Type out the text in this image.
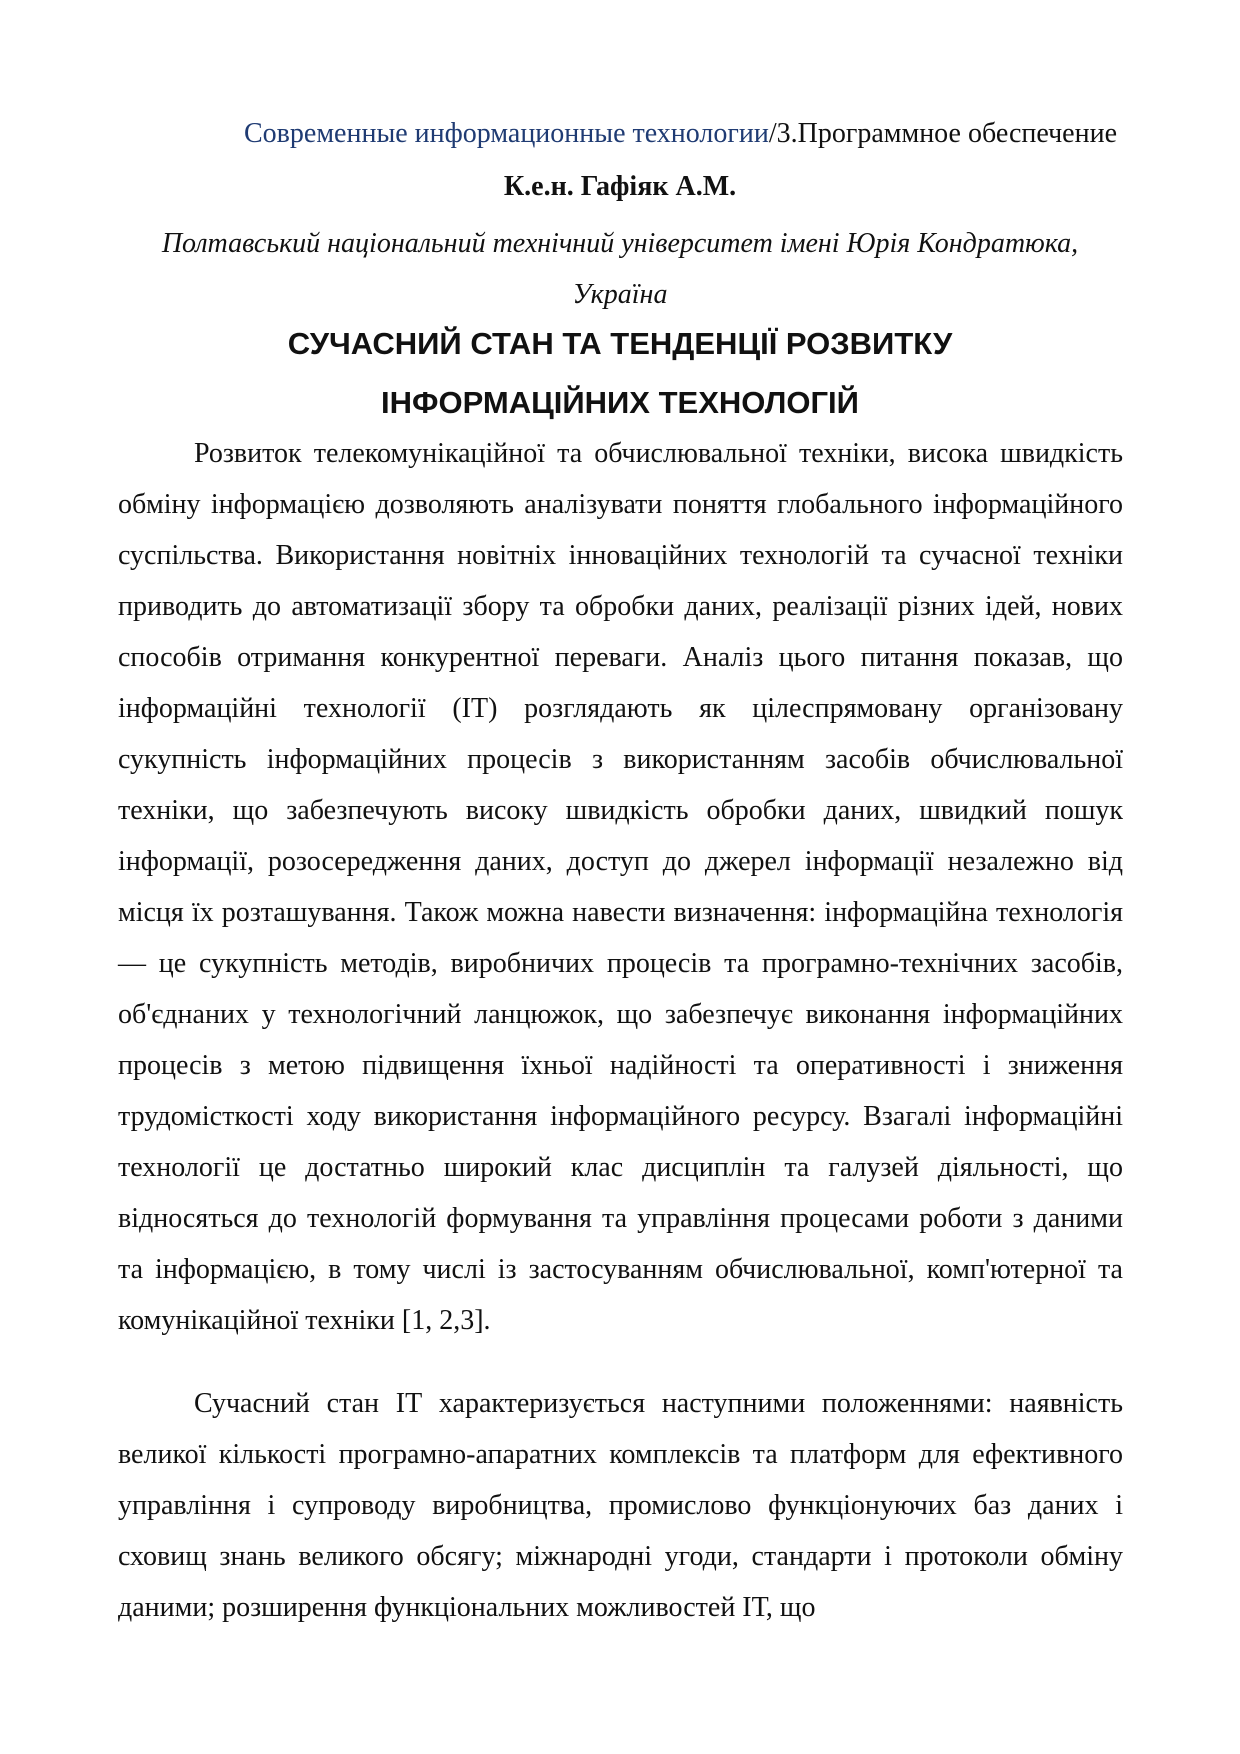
Современные информационные технологии/3.Программное обеспечение
К.е.н. Гафіяк А.М.
Полтавський національний технічний університет імені Юрія Кондратюка, Україна
СУЧАСНИЙ СТАН ТА ТЕНДЕНЦІЇ РОЗВИТКУ
ІНФОРМАЦІЙНИХ ТЕХНОЛОГІЙ

Розвиток телекомунікаційної та обчислювальної техніки, висока швидкість обміну інформацією дозволяють аналізувати поняття глобального інформаційного суспільства. Використання новітніх інноваційних технологій та сучасної техніки приводить до автоматизації збору та обробки даних, реалізації різних ідей, нових способів отримання конкурентної переваги. Аналіз цього питання показав, що інформаційні технології (ІТ) розглядають як цілеспрямовану організовану сукупність інформаційних процесів з використанням засобів обчислювальної техніки, що забезпечують високу швидкість обробки даних, швидкий пошук інформації, розосередження даних, доступ до джерел інформації незалежно від місця їх розташування. Також можна навести визначення: інформаційна технологія — це сукупність методів, виробничих процесів та програмно-технічних засобів, об'єднаних у технологічний ланцюжок, що забезпечує виконання інформаційних процесів з метою підвищення їхньої надійності та оперативності і зниження трудомісткості ходу використання інформаційного ресурсу. Взагалі інформаційні технології це достатньо широкий клас дисциплін та галузей діяльності, що відносяться до технологій формування та управління процесами роботи з даними та інформацією, в тому числі із застосуванням обчислювальної, комп'ютерної та комунікаційної техніки [1, 2,3].

Сучасний стан ІТ характеризується наступними положеннями: наявність великої кількості програмно-апаратних комплексів та платформ для ефективного управління і супроводу виробництва, промислово функціонуючих баз даних і сховищ знань великого обсягу; міжнародні угоди, стандарти і протоколи обміну даними; розширення функціональних можливостей ІТ, що
